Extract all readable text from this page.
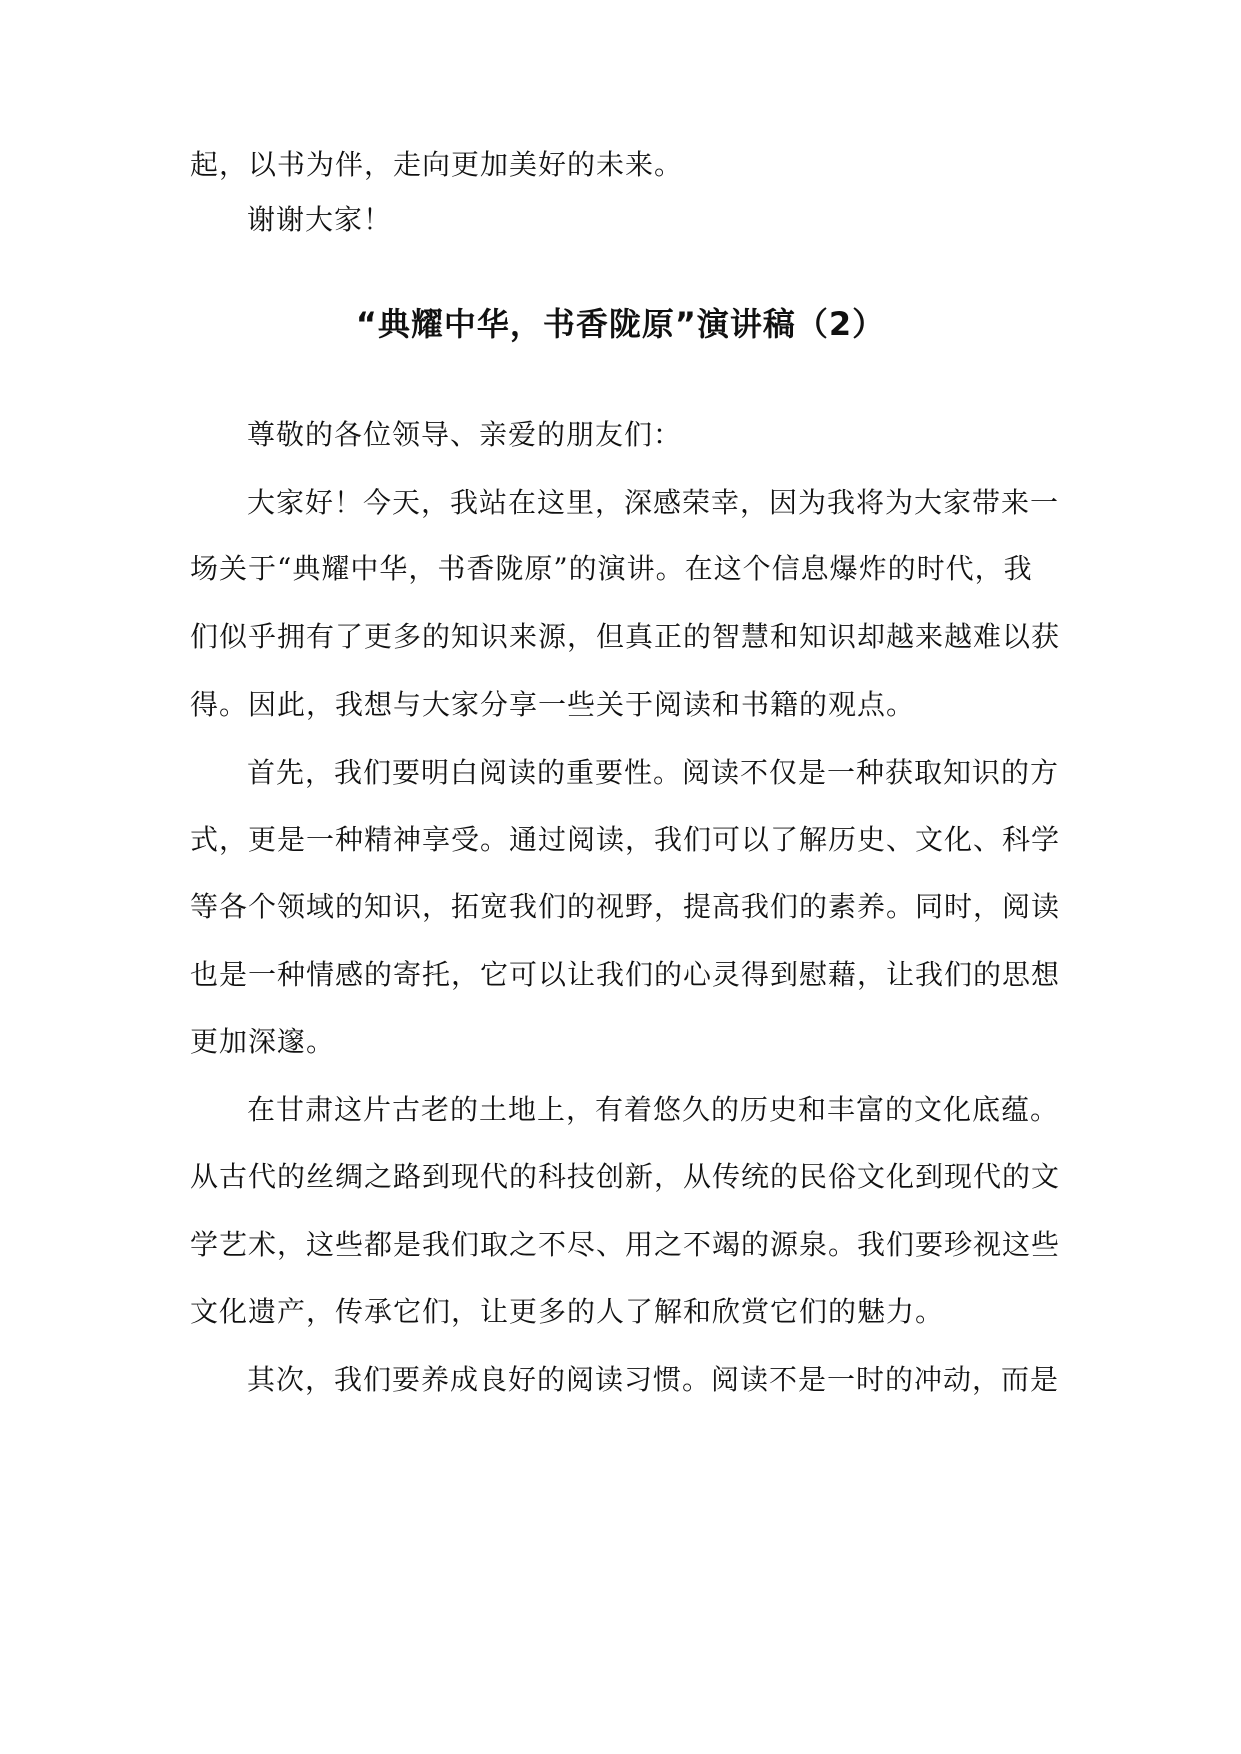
起，以书为伴，走向更加美好的未来。
谢谢大家！
“典耀中华，书香陇原”演讲稿（2）
尊敬的各位领导、亲爱的朋友们：
大家好！今天，我站在这里，深感荣幸，因为我将为大家带来一
场关于“典耀中华，书香陇原”的演讲。在这个信息爆炸的时代，我
们似乎拥有了更多的知识来源，但真正的智慧和知识却越来越难以获
得。因此，我想与大家分享一些关于阅读和书籍的观点。
首先，我们要明白阅读的重要性。阅读不仅是一种获取知识的方
式，更是一种精神享受。通过阅读，我们可以了解历史、文化、科学
等各个领域的知识，拓宽我们的视野，提高我们的素养。同时，阅读
也是一种情感的寄托，它可以让我们的心灵得到慰藉，让我们的思想
更加深邃。
在甘肃这片古老的土地上，有着悠久的历史和丰富的文化底蕴。
从古代的丝绸之路到现代的科技创新，从传统的民俗文化到现代的文
学艺术，这些都是我们取之不尽、用之不竭的源泉。我们要珍视这些
文化遗产，传承它们，让更多的人了解和欣赏它们的魅力。
其次，我们要养成良好的阅读习惯。阅读不是一时的冲动，而是
